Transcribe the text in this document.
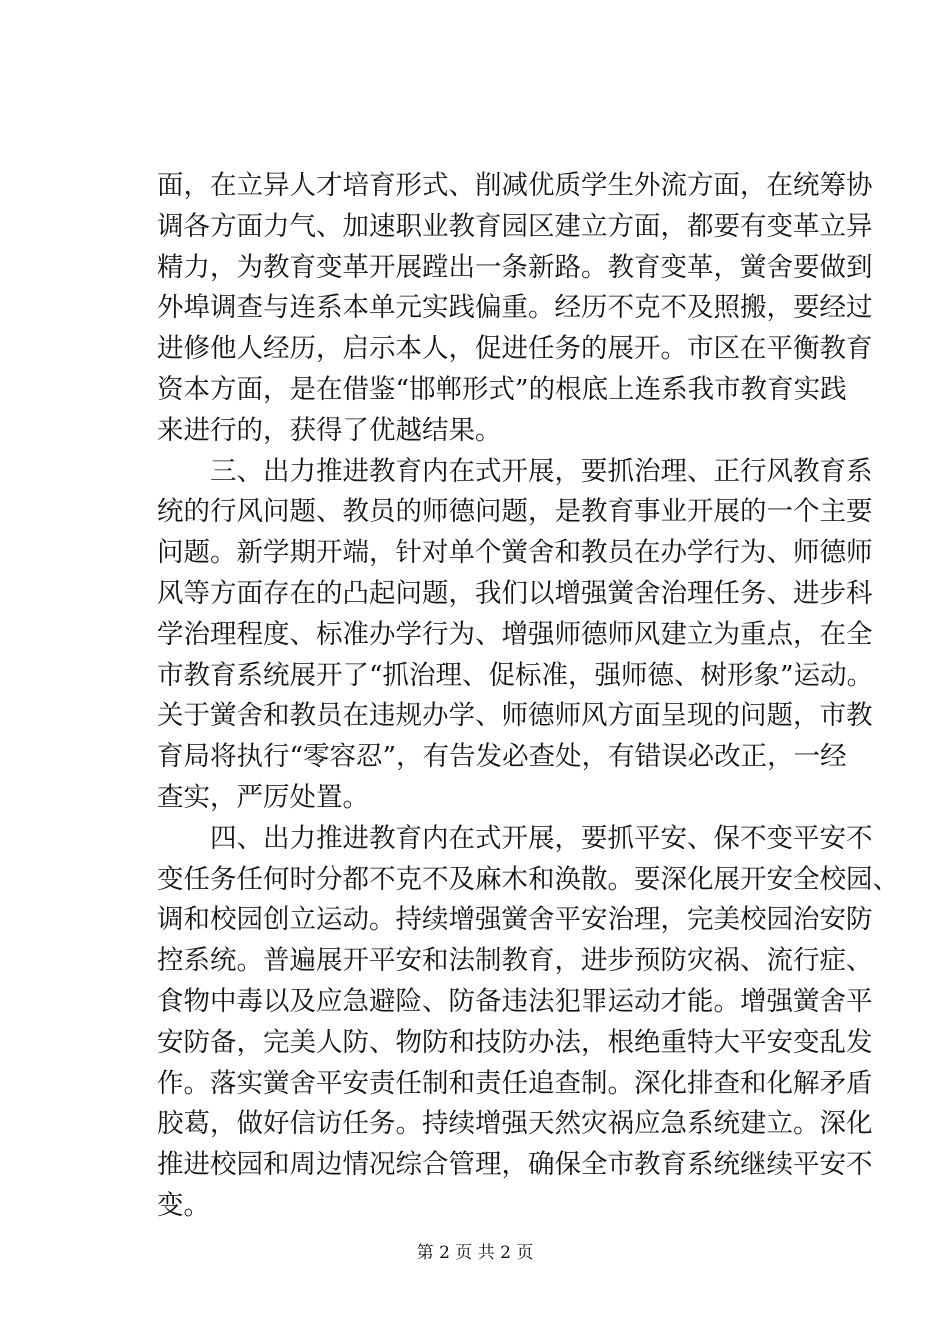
面，在立异人才培育形式、削减优质学生外流方面，在统筹协
调各方面力气、加速职业教育园区建立方面，都要有变革立异
精力，为教育变革开展蹚出一条新路。教育变革，黉舍要做到
外埠调查与连系本单元实践偏重。经历不克不及照搬，要经过
进修他人经历，启示本人，促进任务的展开。市区在平衡教育
资本方面，是在借鉴“邯郸形式”的根底上连系我市教育实践
来进行的，获得了优越结果。
三、出力推进教育内在式开展，要抓治理、正行风教育系
统的行风问题、教员的师德问题，是教育事业开展的一个主要
问题。新学期开端，针对单个黉舍和教员在办学行为、师德师
风等方面存在的凸起问题，我们以增强黉舍治理任务、进步科
学治理程度、标准办学行为、增强师德师风建立为重点，在全
市教育系统展开了“抓治理、促标准，强师德、树形象”运动。
关于黉舍和教员在违规办学、师德师风方面呈现的问题，市教
育局将执行“零容忍”，有告发必查处，有错误必改正，一经
查实，严厉处置。
四、出力推进教育内在式开展，要抓平安、保不变平安不
变任务任何时分都不克不及麻木和涣散。要深化展开安全校园、
调和校园创立运动。持续增强黉舍平安治理，完美校园治安防
控系统。普遍展开平安和法制教育，进步预防灾祸、流行症、
食物中毒以及应急避险、防备违法犯罪运动才能。增强黉舍平
安防备，完美人防、物防和技防办法，根绝重特大平安变乱发
作。落实黉舍平安责任制和责任追查制。深化排查和化解矛盾
胶葛，做好信访任务。持续增强天然灾祸应急系统建立。深化
推进校园和周边情况综合管理，确保全市教育系统继续平安不
变。
第 2 页 共 2 页
